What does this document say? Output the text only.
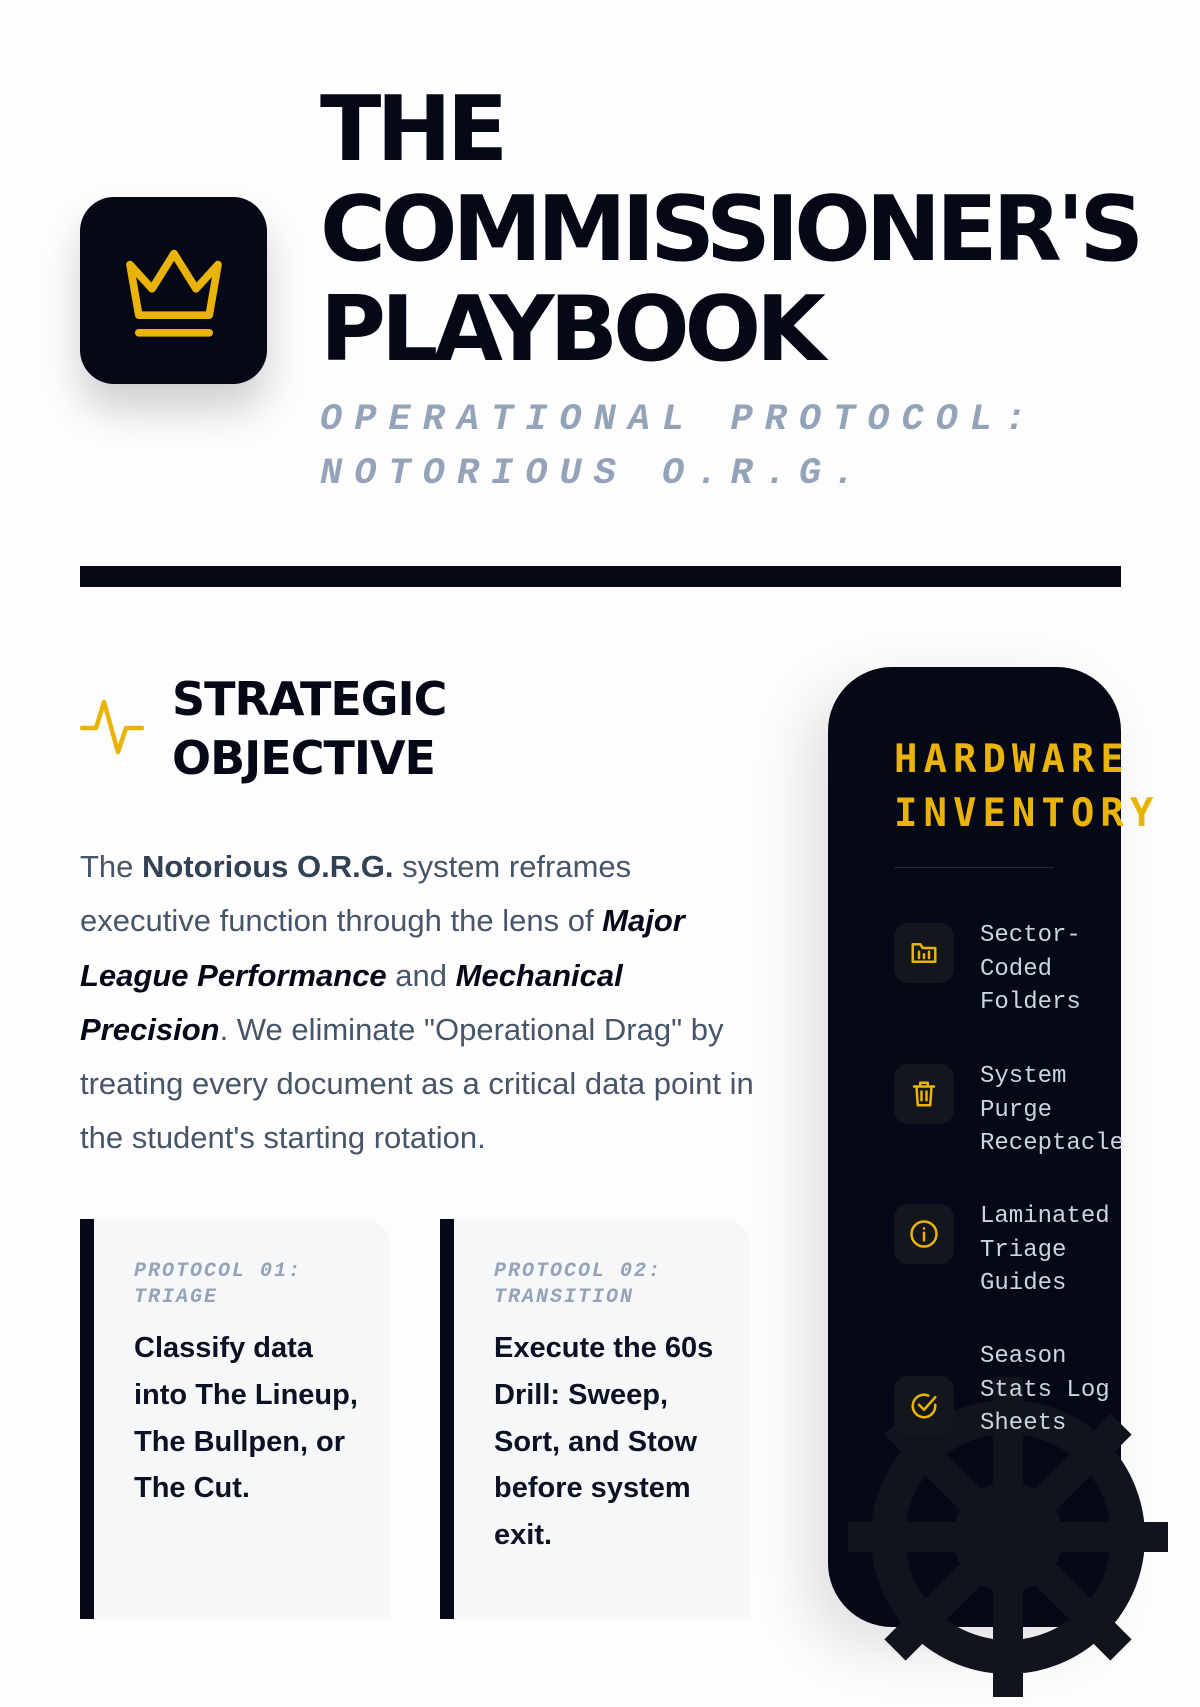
THE
COMMISSIONER'S
PLAYBOOK
OPERATIONAL PROTOCOL:
NOTORIOUS O.R.G.
STRATEGIC
OBJECTIVE

The Notorious O.R.G. system reframes executive function through the lens of Major League Performance and Mechanical Precision. We eliminate "Operational Drag" by treating every document as a critical data point in the student's starting rotation.

PROTOCOL 01: TRIAGE
Classify data into The Lineup, The Bullpen, or The Cut.
PROTOCOL 02: TRANSITION
Execute the 60s Drill: Sweep, Sort, and Stow before system exit.
HARDWARE
INVENTORY
Sector-Coded Folders
System Purge Receptacle
Laminated Triage Guides
Season Stats Log Sheets
